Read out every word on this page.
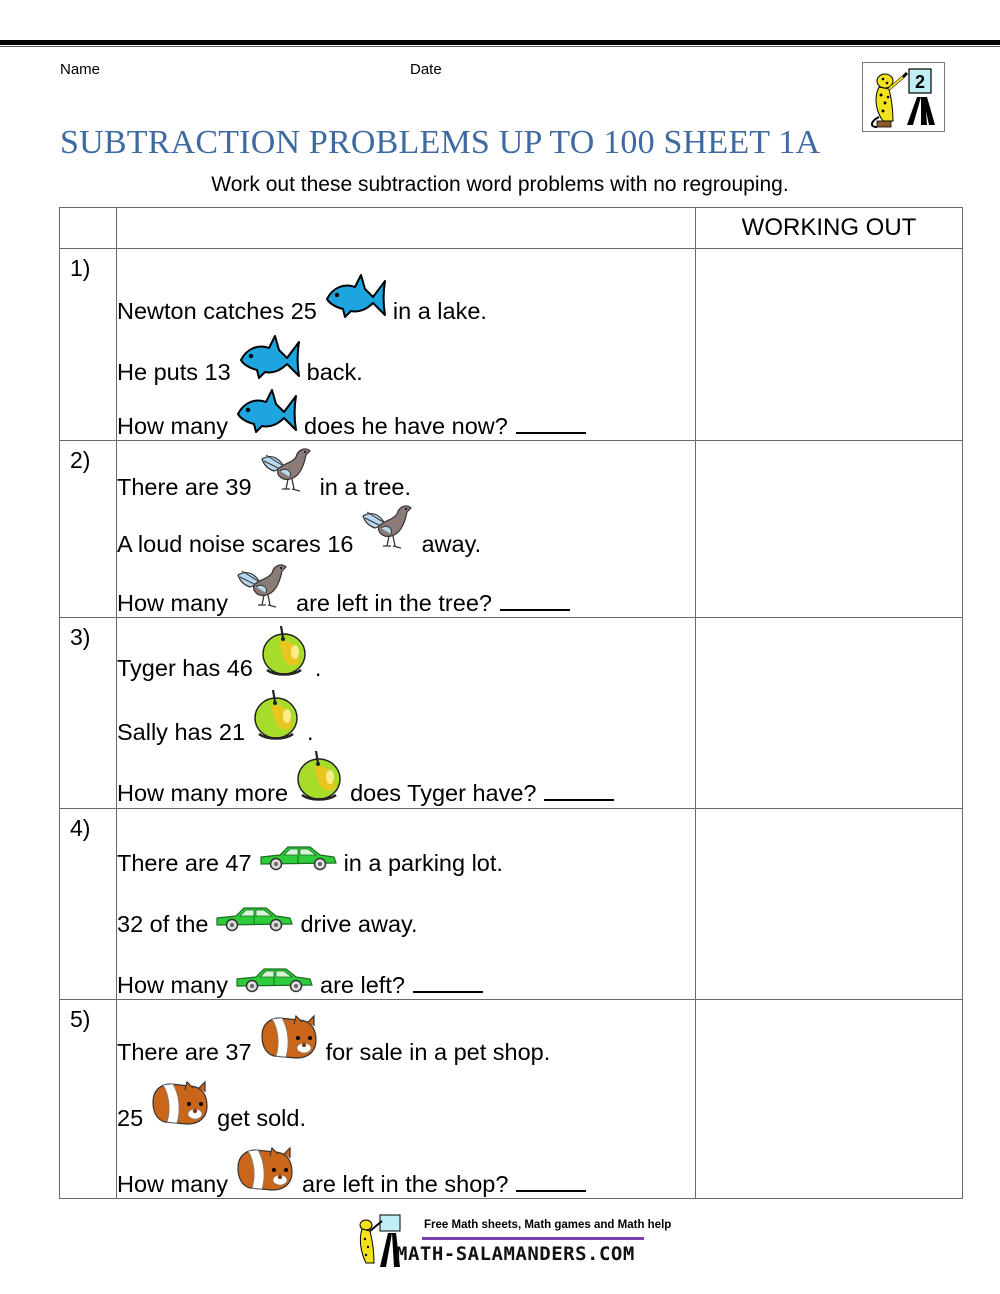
Name	Date
2
SUBTRACTION PROBLEMS UP TO 100 SHEET 1A
Work out these subtraction word problems with no regrouping.
		WORKING OUT

1)

Newton catches 25	in a lake.
He puts 13	back.
How many	does he have now?

2)

There are 39	in a tree.
A loud noise scares 16	away.
How many	are left in the tree?

3)

Tyger has 46	.
Sally has 21	.
How many more	does Tyger have?

4)

There are 47	in a parking lot.
32 of the	drive away.
How many	are left?

5)

There are 37	for sale in a pet shop.
25	get sold.
How many	are left in the shop?

Free Math sheets, Math games and Math help
MATH-SALAMANDERS.COM
